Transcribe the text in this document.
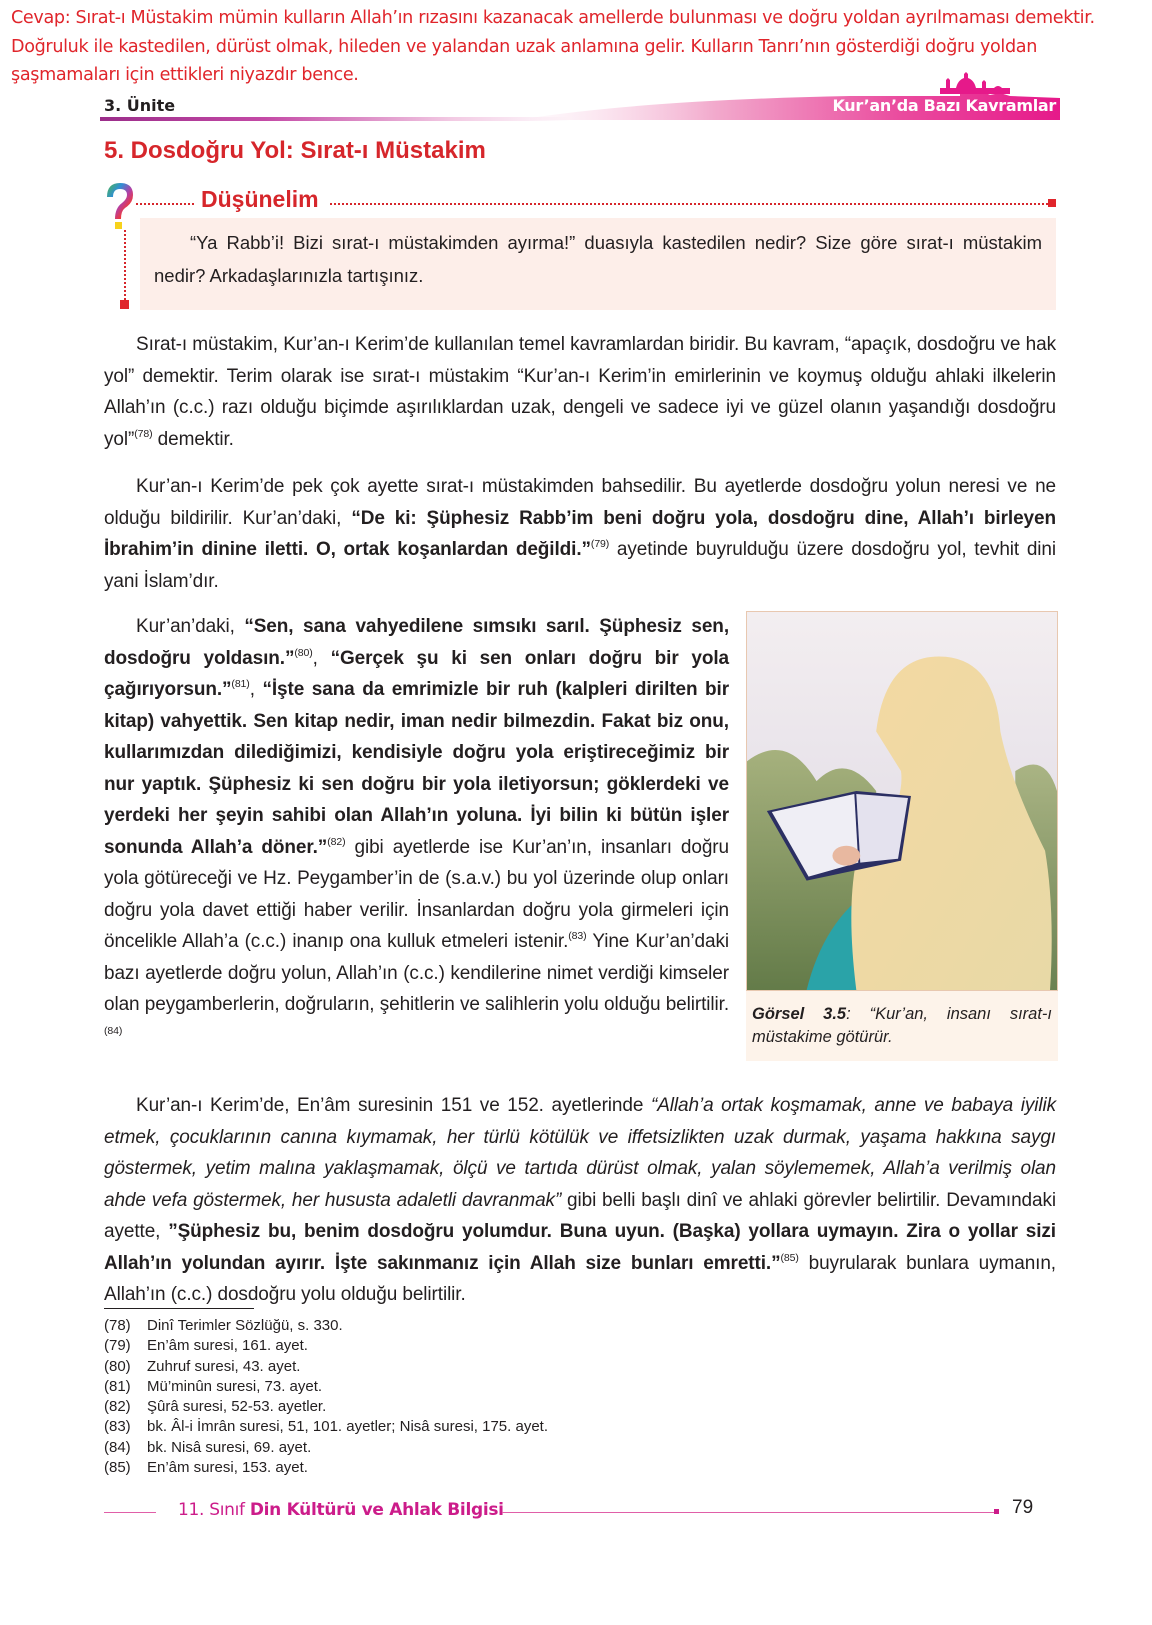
Cevap: Sırat-ı Müstakim mümin kulların Allah’ın rızasını kazanacak amellerde bulunması ve doğru yoldan ayrılmaması demektir. Doğruluk ile kastedilen, dürüst olmak, hileden ve yalandan uzak anlamına gelir. Kulların Tanrı’nın gösterdiği doğru yoldan şaşmamaları için ettikleri niyazdır bence.
3. Ünite	Kur’an’da Bazı Kavramlar
5. Dosdoğru Yol: Sırat-ı Müstakim
Düşünelim

“Ya Rabb’i! Bizi sırat-ı müstakimden ayırma!” duasıyla kastedilen nedir? Size göre sırat-ı müstakim nedir? Arkadaşlarınızla tartışınız.

Sırat-ı müstakim, Kur’an-ı Kerim’de kullanılan temel kavramlardan biridir. Bu kavram, “apaçık, dosdoğru ve hak yol” demektir. Terim olarak ise sırat-ı müstakim “Kur’an-ı Kerim’in emirlerinin ve koymuş olduğu ahlaki ilkelerin Allah’ın (c.c.) razı olduğu biçimde aşırılıklardan uzak, dengeli ve sadece iyi ve güzel olanın yaşandığı dosdoğru yol”$^{(78)}$ demektir.

Kur’an-ı Kerim’de pek çok ayette sırat-ı müstakimden bahsedilir. Bu ayetlerde dosdoğru yolun neresi ve ne olduğu bildirilir. Kur’an’daki, “De ki: Şüphesiz Rabb’im beni doğru yola, dosdoğru dine, Allah’ı birleyen İbrahim’in dinine iletti. O, ortak koşanlardan değildi.”$^{(79)}$ ayetinde buyrulduğu üzere dosdoğru yol, tevhit dini yani İslam’dır.

Kur’an’daki, “Sen, sana vahyedilene sımsıkı sarıl. Şüphesiz sen, dosdoğru yoldasın.”$^{(80)}$, “Gerçek şu ki sen onları doğru bir yola çağırıyorsun.”$^{(81)}$, “İşte sana da emrimizle bir ruh (kalpleri dirilten bir kitap) vahyettik. Sen kitap nedir, iman nedir bilmezdin. Fakat biz onu, kullarımızdan dilediğimizi, kendisiyle doğru yola eriştireceğimiz bir nur yaptık. Şüphesiz ki sen doğru bir yola iletiyorsun; göklerdeki ve yerdeki her şeyin sahibi olan Allah’ın yoluna. İyi bilin ki bütün işler sonunda Allah’a döner.”$^{(82)}$ gibi ayetlerde ise Kur’an’ın, insanları doğru yola götüreceği ve Hz. Peygamber’in de (s.a.v.) bu yol üzerinde olup onları doğru yola davet ettiği haber verilir. İnsanlardan doğru yola girmeleri için öncelikle Allah’a (c.c.) inanıp ona kulluk etmeleri istenir.$^{(83)}$ Yine Kur’an’daki bazı ayetlerde doğru yolun, Allah’ın (c.c.) kendilerine nimet verdiği kimseler olan peygamberlerin, doğruların, şehitlerin ve salihlerin yolu olduğu belirtilir.$^{(84)}$

Görsel 3.5: “Kur’an, insanı sırat-ı müstakime götürür.

Kur’an-ı Kerim’de, En’âm suresinin 151 ve 152. ayetlerinde “Allah’a ortak koşmamak, anne ve babaya iyilik etmek, çocuklarının canına kıymamak, her türlü kötülük ve iffetsizlikten uzak durmak, yaşama hakkına saygı göstermek, yetim malına yaklaşmamak, ölçü ve tartıda dürüst olmak, yalan söylememek, Allah’a verilmiş olan ahde vefa göstermek, her hususta adaletli davranmak” gibi belli başlı dinî ve ahlaki görevler belirtilir. Devamındaki ayette, ”Şüphesiz bu, benim dosdoğru yolumdur. Buna uyun. (Başka) yollara uymayın. Zira o yollar sizi Allah’ın yolundan ayırır. İşte sakınmanız için Allah size bunları emretti.”$^{(85)}$ buyrularak bunlara uymanın, Allah’ın (c.c.) dosdoğru yolu olduğu belirtilir.

(78)	Dinî Terimler Sözlüğü, s. 330.
(79)	En’âm suresi, 161. ayet.
(80)	Zuhruf suresi, 43. ayet.
(81)	Mü’minûn suresi, 73. ayet.
(82)	Şûrâ suresi, 52-53. ayetler.
(83)	bk. Âl-i İmrân suresi, 51, 101. ayetler; Nisâ suresi, 175. ayet.
(84)	bk. Nisâ suresi, 69. ayet.
(85)	En’âm suresi, 153. ayet.
11. Sınıf Din Kültürü ve Ahlak Bilgisi	79
